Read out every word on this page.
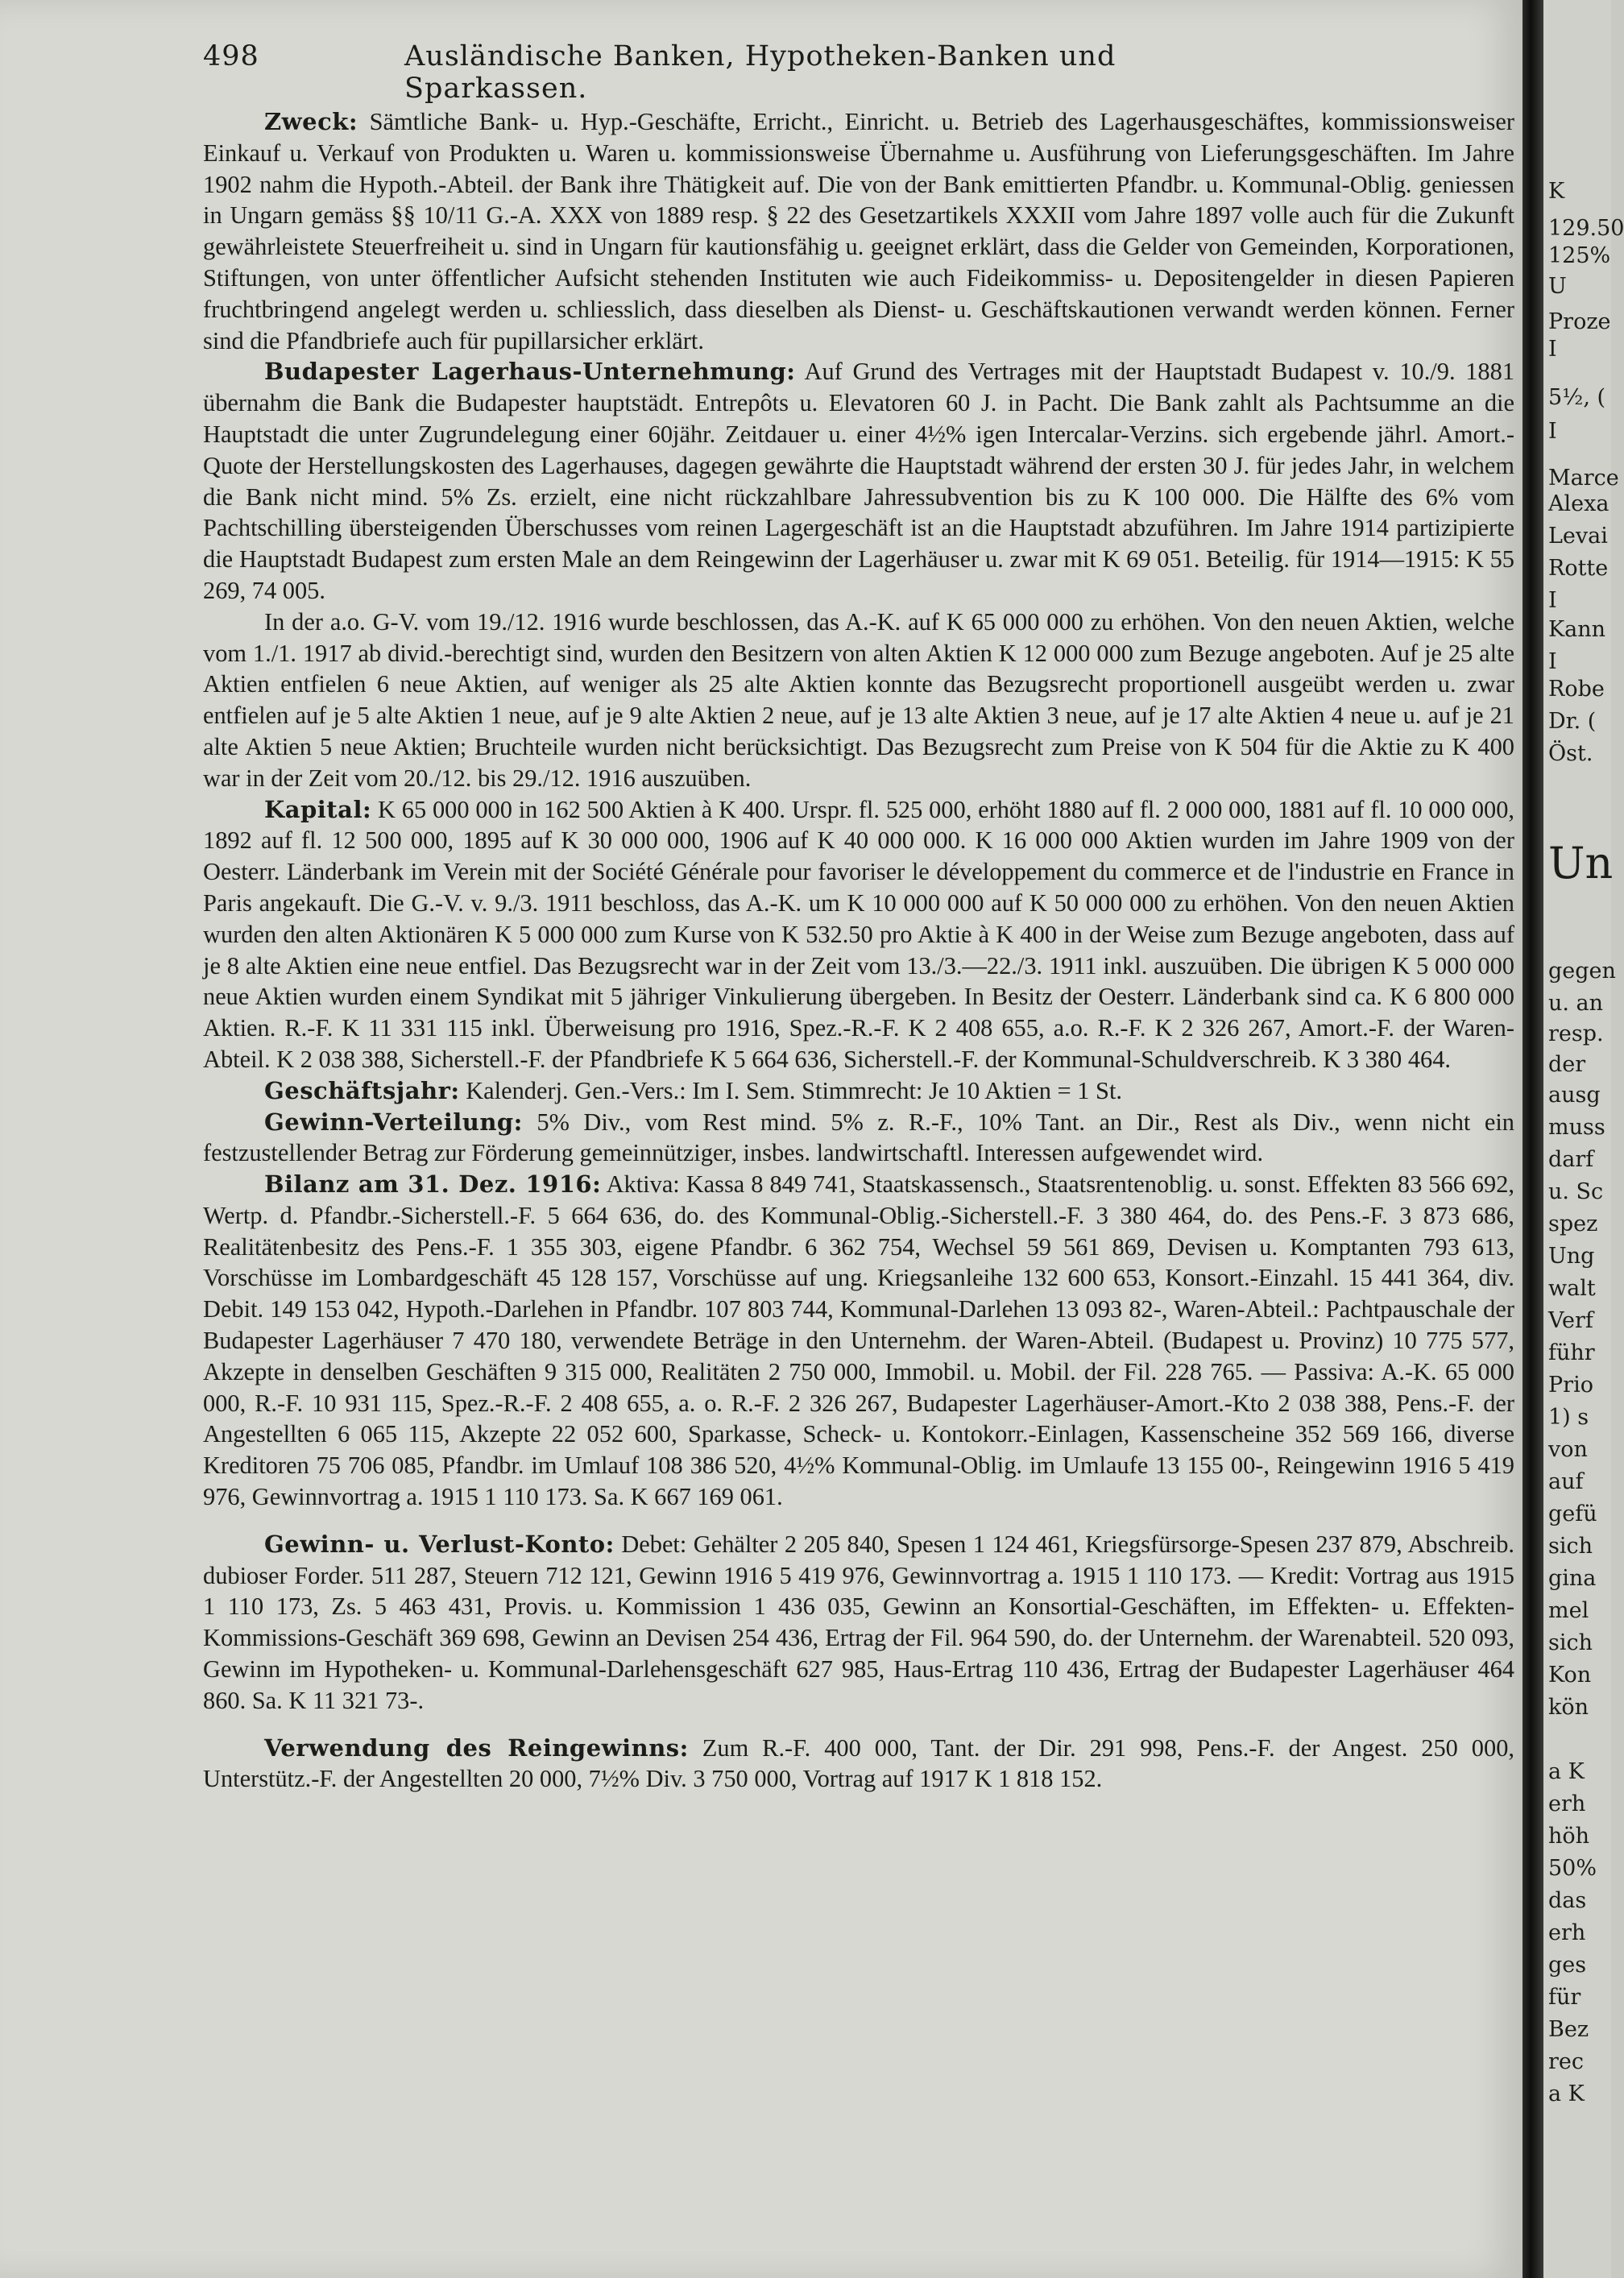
498	Ausländische Banken, Hypotheken-Banken und Sparkassen.

Zweck: Sämtliche Bank- u. Hyp.-Geschäfte, Erricht., Einricht. u. Betrieb des Lagerhausgeschäftes, kommissionsweiser Einkauf u. Verkauf von Produkten u. Waren u. kommissionsweise Übernahme u. Ausführung von Lieferungsgeschäften. Im Jahre 1902 nahm die Hypoth.-Abteil. der Bank ihre Thätigkeit auf. Die von der Bank emittierten Pfandbr. u. Kommunal-Oblig. geniessen in Ungarn gemäss §§ 10/11 G.-A. XXX von 1889 resp. § 22 des Gesetzartikels XXXII vom Jahre 1897 volle auch für die Zukunft gewährleistete Steuerfreiheit u. sind in Ungarn für kautionsfähig u. geeignet erklärt, dass die Gelder von Gemeinden, Korporationen, Stiftungen, von unter öffentlicher Aufsicht stehenden Instituten wie auch Fideikommiss- u. Depositengelder in diesen Papieren fruchtbringend angelegt werden u. schliesslich, dass dieselben als Dienst- u. Geschäftskautionen verwandt werden können. Ferner sind die Pfandbriefe auch für pupillarsicher erklärt.

Budapester Lagerhaus-Unternehmung: Auf Grund des Vertrages mit der Hauptstadt Budapest v. 10./9. 1881 übernahm die Bank die Budapester hauptstädt. Entrepôts u. Elevatoren 60 J. in Pacht. Die Bank zahlt als Pachtsumme an die Hauptstadt die unter Zugrundelegung einer 60jähr. Zeitdauer u. einer 4½% igen Intercalar-Verzins. sich ergebende jährl. Amort.-Quote der Herstellungskosten des Lagerhauses, dagegen gewährte die Hauptstadt während der ersten 30 J. für jedes Jahr, in welchem die Bank nicht mind. 5% Zs. erzielt, eine nicht rückzahlbare Jahressubvention bis zu K 100 000. Die Hälfte des 6% vom Pachtschilling übersteigenden Überschusses vom reinen Lagergeschäft ist an die Hauptstadt abzuführen. Im Jahre 1914 partizipierte die Hauptstadt Budapest zum ersten Male an dem Reingewinn der Lagerhäuser u. zwar mit K 69 051. Beteilig. für 1914—1915: K 55 269, 74 005.

In der a.o. G-V. vom 19./12. 1916 wurde beschlossen, das A.-K. auf K 65 000 000 zu erhöhen. Von den neuen Aktien, welche vom 1./1. 1917 ab divid.-berechtigt sind, wurden den Besitzern von alten Aktien K 12 000 000 zum Bezuge angeboten. Auf je 25 alte Aktien entfielen 6 neue Aktien, auf weniger als 25 alte Aktien konnte das Bezugsrecht proportionell ausgeübt werden u. zwar entfielen auf je 5 alte Aktien 1 neue, auf je 9 alte Aktien 2 neue, auf je 13 alte Aktien 3 neue, auf je 17 alte Aktien 4 neue u. auf je 21 alte Aktien 5 neue Aktien; Bruchteile wurden nicht berücksichtigt. Das Bezugsrecht zum Preise von K 504 für die Aktie zu K 400 war in der Zeit vom 20./12. bis 29./12. 1916 auszuüben.

Kapital: K 65 000 000 in 162 500 Aktien à K 400. Urspr. fl. 525 000, erhöht 1880 auf fl. 2 000 000, 1881 auf fl. 10 000 000, 1892 auf fl. 12 500 000, 1895 auf K 30 000 000, 1906 auf K 40 000 000. K 16 000 000 Aktien wurden im Jahre 1909 von der Oesterr. Länderbank im Verein mit der Société Générale pour favoriser le développement du commerce et de l'industrie en France in Paris angekauft. Die G.-V. v. 9./3. 1911 beschloss, das A.-K. um K 10 000 000 auf K 50 000 000 zu erhöhen. Von den neuen Aktien wurden den alten Aktionären K 5 000 000 zum Kurse von K 532.50 pro Aktie à K 400 in der Weise zum Bezuge angeboten, dass auf je 8 alte Aktien eine neue entfiel. Das Bezugsrecht war in der Zeit vom 13./3.—22./3. 1911 inkl. auszuüben. Die übrigen K 5 000 000 neue Aktien wurden einem Syndikat mit 5 jähriger Vinkulierung übergeben. In Besitz der Oesterr. Länderbank sind ca. K 6 800 000 Aktien. R.-F. K 11 331 115 inkl. Überweisung pro 1916, Spez.-R.-F. K 2 408 655, a.o. R.-F. K 2 326 267, Amort.-F. der Waren-Abteil. K 2 038 388, Sicherstell.-F. der Pfandbriefe K 5 664 636, Sicherstell.-F. der Kommunal-Schuldverschreib. K 3 380 464.

Geschäftsjahr: Kalenderj. Gen.-Vers.: Im I. Sem. Stimmrecht: Je 10 Aktien = 1 St.

Gewinn-Verteilung: 5% Div., vom Rest mind. 5% z. R.-F., 10% Tant. an Dir., Rest als Div., wenn nicht ein festzustellender Betrag zur Förderung gemeinnütziger, insbes. landwirtschaftl. Interessen aufgewendet wird.

Bilanz am 31. Dez. 1916: Aktiva: Kassa 8 849 741, Staatskassensch., Staatsrentenoblig. u. sonst. Effekten 83 566 692, Wertp. d. Pfandbr.-Sicherstell.-F. 5 664 636, do. des Kommunal-Oblig.-Sicherstell.-F. 3 380 464, do. des Pens.-F. 3 873 686, Realitätenbesitz des Pens.-F. 1 355 303, eigene Pfandbr. 6 362 754, Wechsel 59 561 869, Devisen u. Komptanten 793 613, Vorschüsse im Lombardgeschäft 45 128 157, Vorschüsse auf ung. Kriegsanleihe 132 600 653, Konsort.-Einzahl. 15 441 364, div. Debit. 149 153 042, Hypoth.-Darlehen in Pfandbr. 107 803 744, Kommunal-Darlehen 13 093 82-, Waren-Abteil.: Pachtpauschale der Budapester Lagerhäuser 7 470 180, verwendete Beträge in den Unternehm. der Waren-Abteil. (Budapest u. Provinz) 10 775 577, Akzepte in denselben Geschäften 9 315 000, Realitäten 2 750 000, Immobil. u. Mobil. der Fil. 228 765. — Passiva: A.-K. 65 000 000, R.-F. 10 931 115, Spez.-R.-F. 2 408 655, a. o. R.-F. 2 326 267, Budapester Lagerhäuser-Amort.-Kto 2 038 388, Pens.-F. der Angestellten 6 065 115, Akzepte 22 052 600, Sparkasse, Scheck- u. Kontokorr.-Einlagen, Kassenscheine 352 569 166, diverse Kreditoren 75 706 085, Pfandbr. im Umlauf 108 386 520, 4½% Kommunal-Oblig. im Umlaufe 13 155 00-, Reingewinn 1916 5 419 976, Gewinnvortrag a. 1915 1 110 173. Sa. K 667 169 061.

Gewinn- u. Verlust-Konto: Debet: Gehälter 2 205 840, Spesen 1 124 461, Kriegsfürsorge-Spesen 237 879, Abschreib. dubioser Forder. 511 287, Steuern 712 121, Gewinn 1916 5 419 976, Gewinnvortrag a. 1915 1 110 173. — Kredit: Vortrag aus 1915 1 110 173, Zs. 5 463 431, Provis. u. Kommission 1 436 035, Gewinn an Konsortial-Geschäften, im Effekten- u. Effekten-Kommissions-Geschäft 369 698, Gewinn an Devisen 254 436, Ertrag der Fil. 964 590, do. der Unternehm. der Warenabteil. 520 093, Gewinn im Hypotheken- u. Kommunal-Darlehensgeschäft 627 985, Haus-Ertrag 110 436, Ertrag der Budapester Lagerhäuser 464 860. Sa. K 11 321 73-.

Verwendung des Reingewinns: Zum R.-F. 400 000, Tant. der Dir. 291 998, Pens.-F. der Angest. 250 000, Unterstütz.-F. der Angestellten 20 000, 7½% Div. 3 750 000, Vortrag auf 1917 K 1 818 152.

K
129.50
125%
U
Proze
I
5½, (
I
Marce
Alexa
Levai
Rotte
I
Kann
I
Robe
Dr. (
Öst.
Un
gegen
u. an
resp.
der
ausg
muss
darf
u. Sc
spez
Ung
walt
Verf
führ
Prio
1) s
von
auf
gefü
sich
gina
mel
sich
Kon
kön
a K
erh
höh
50%
das
erh
ges
für
Bez
rec
a K
